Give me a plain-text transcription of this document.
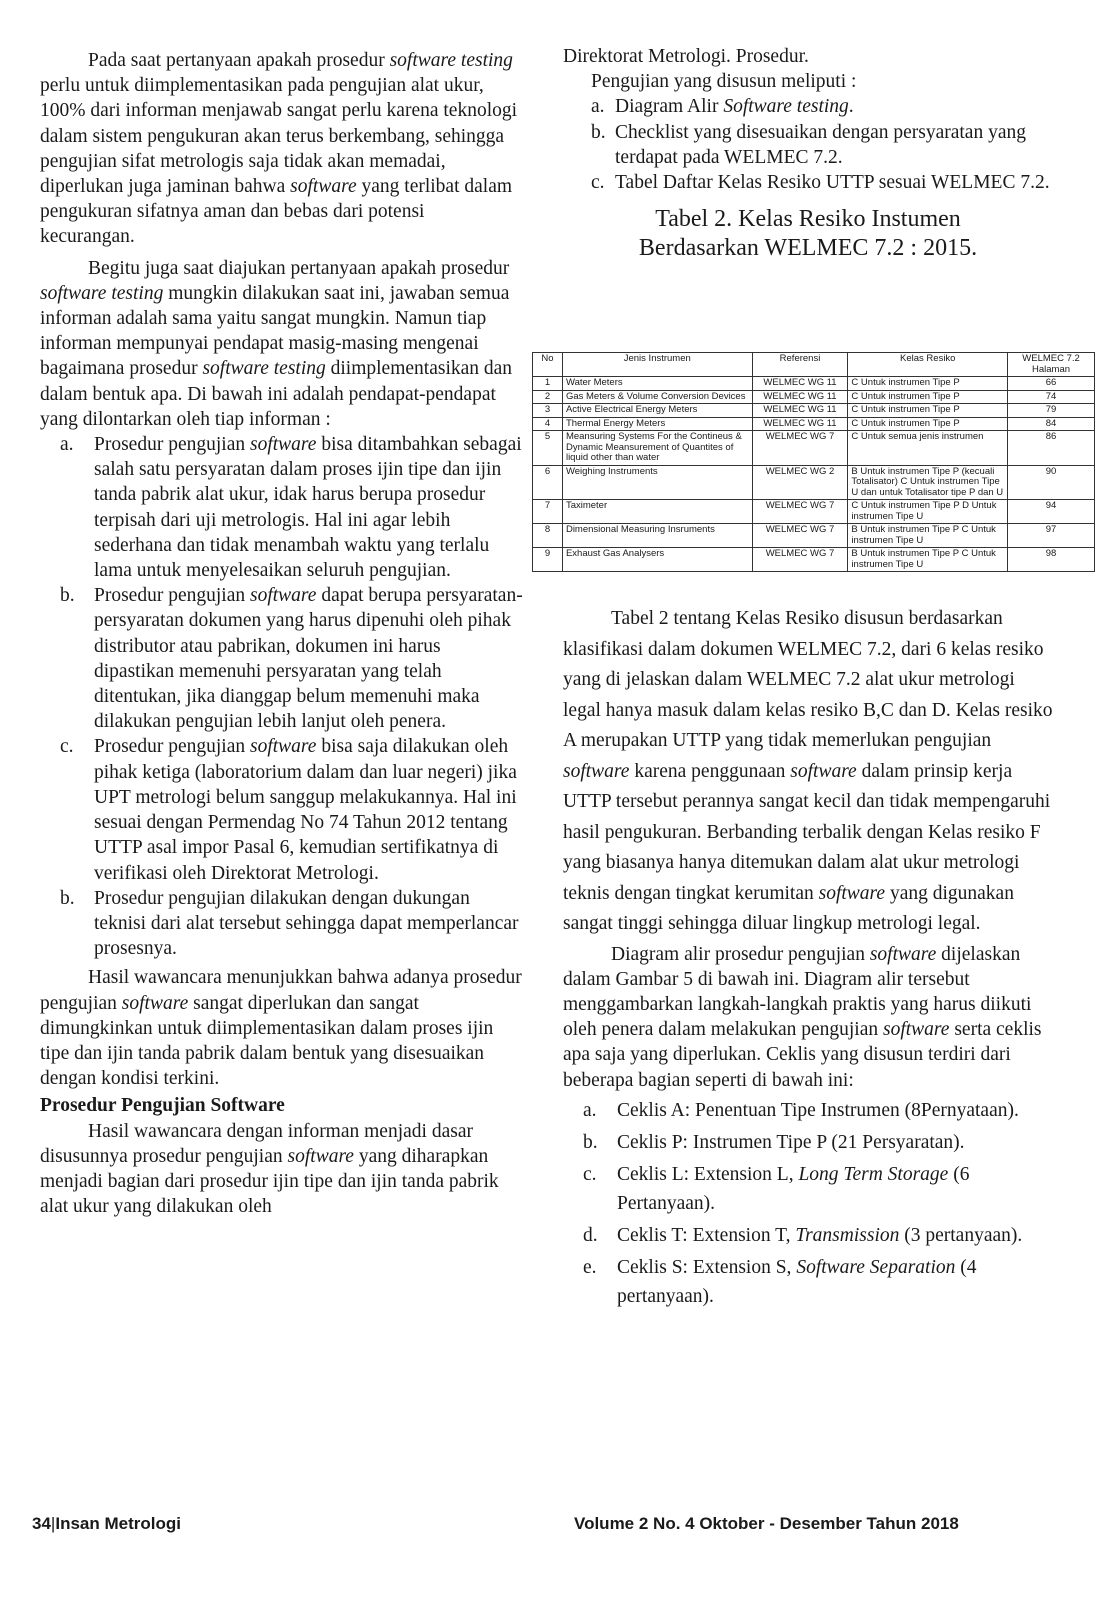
Pada saat pertanyaan apakah prosedur software testing perlu untuk diimplementasikan pada pengujian alat ukur, 100% dari informan menjawab sangat perlu karena teknologi dalam sistem pengukuran akan terus berkembang, sehingga pengujian sifat metrologis saja tidak akan memadai, diperlukan juga jaminan bahwa software yang terlibat dalam pengukuran sifatnya aman dan bebas dari potensi kecurangan.

Begitu juga saat diajukan pertanyaan apakah prosedur software testing mungkin dilakukan saat ini, jawaban semua informan adalah sama yaitu sangat mungkin. Namun tiap informan mempunyai pendapat masig-masing mengenai bagaimana prosedur software testing diimplementasikan dan dalam bentuk apa. Di bawah ini adalah pendapat-pendapat yang dilontarkan oleh tiap informan :

a. Prosedur pengujian software bisa ditambahkan sebagai salah satu persyaratan dalam proses ijin tipe dan ijin tanda pabrik alat ukur, idak harus berupa prosedur terpisah dari uji metrologis. Hal ini agar lebih sederhana dan tidak menambah waktu yang terlalu lama untuk menyelesaikan seluruh pengujian.
b. Prosedur pengujian software dapat berupa persyaratan-persyaratan dokumen yang harus dipenuhi oleh pihak distributor atau pabrikan, dokumen ini harus dipastikan memenuhi persyaratan yang telah ditentukan, jika dianggap belum memenuhi maka dilakukan pengujian lebih lanjut oleh penera.
c. Prosedur pengujian software bisa saja dilakukan oleh pihak ketiga (laboratorium dalam dan luar negeri) jika UPT metrologi belum sanggup melakukannya. Hal ini sesuai dengan Permendag No 74 Tahun 2012 tentang UTTP asal impor Pasal 6, kemudian sertifikatnya di verifikasi oleh Direktorat Metrologi.
b. Prosedur pengujian dilakukan dengan dukungan teknisi dari alat tersebut sehingga dapat memperlancar prosesnya.

Hasil wawancara menunjukkan bahwa adanya prosedur pengujian software sangat diperlukan dan sangat dimungkinkan untuk diimplementasikan dalam proses ijin tipe dan ijin tanda pabrik dalam bentuk yang disesuaikan dengan kondisi terkini.

Prosedur Pengujian Software

Hasil wawancara dengan informan menjadi dasar disusunnya prosedur pengujian software yang diharapkan menjadi bagian dari prosedur ijin tipe dan ijin tanda pabrik alat ukur yang dilakukan oleh

Direktorat Metrologi. Prosedur.

Pengujian yang disusun meliputi :

a. Diagram Alir Software testing.
b. Checklist yang disesuaikan dengan persyaratan yang terdapat pada WELMEC 7.2.
c. Tabel Daftar Kelas Resiko UTTP sesuai WELMEC 7.2.

Tabel 2. Kelas Resiko Instumen
Berdasarkan WELMEC 7.2 : 2015.

No	Jenis Instrumen	Referensi	Kelas Resiko	WELMEC 7.2 Halaman
1	Water Meters	WELMEC WG 11	C Untuk instrumen Tipe P	66
2	Gas Meters & Volume Conversion Devices	WELMEC WG 11	C Untuk instrumen Tipe P	74
3	Active Electrical Energy Meters	WELMEC WG 11	C Untuk instrumen Tipe P	79
4	Thermal Energy Meters	WELMEC WG 11	C Untuk instrumen Tipe P	84
5	Meansuring Systems For the Contineus & Dynamic Meansurement of Quantites of liquid other than water	WELMEC WG 7	C Untuk semua jenis instrumen	86
6	Weighing Instruments	WELMEC WG 2	B Untuk instrumen Tipe P (kecuali Totalisator) C Untuk instrumen Tipe U dan untuk Totalisator tipe P dan U	90
7	Taximeter	WELMEC WG 7	C Untuk instrumen Tipe P D Untuk instrumen Tipe U	94
8	Dimensional Measuring Insruments	WELMEC WG 7	B Untuk instrumen Tipe P C Untuk instrumen Tipe U	97
9	Exhaust Gas Analysers	WELMEC WG 7	B Untuk instrumen Tipe P C Untuk instrumen Tipe U	98

Tabel 2 tentang Kelas Resiko disusun berdasarkan klasifikasi dalam dokumen WELMEC 7.2, dari 6 kelas resiko yang di jelaskan dalam WELMEC 7.2 alat ukur metrologi legal hanya masuk dalam kelas resiko B,C dan D. Kelas resiko A merupakan UTTP yang tidak memerlukan pengujian software karena penggunaan software dalam prinsip kerja UTTP tersebut perannya sangat kecil dan tidak mempengaruhi hasil pengukuran. Berbanding terbalik dengan Kelas resiko F yang biasanya hanya ditemukan dalam alat ukur metrologi teknis dengan tingkat kerumitan software yang digunakan sangat tinggi sehingga diluar lingkup metrologi legal.

Diagram alir prosedur pengujian software dijelaskan dalam Gambar 5 di bawah ini. Diagram alir tersebut menggambarkan langkah-langkah praktis yang harus diikuti oleh penera dalam melakukan pengujian software serta ceklis apa saja yang diperlukan. Ceklis yang disusun terdiri dari beberapa bagian seperti di bawah ini:

a. Ceklis A: Penentuan Tipe Instrumen (8Pernyataan).
b. Ceklis P: Instrumen Tipe P (21 Persyaratan).
c. Ceklis L: Extension L, Long Term Storage (6 Pertanyaan).
d. Ceklis T: Extension T, Transmission (3 pertanyaan).
e. Ceklis S: Extension S, Software Separation (4 pertanyaan).
34|Insan Metrologi	Volume 2 No. 4 Oktober - Desember Tahun 2018
